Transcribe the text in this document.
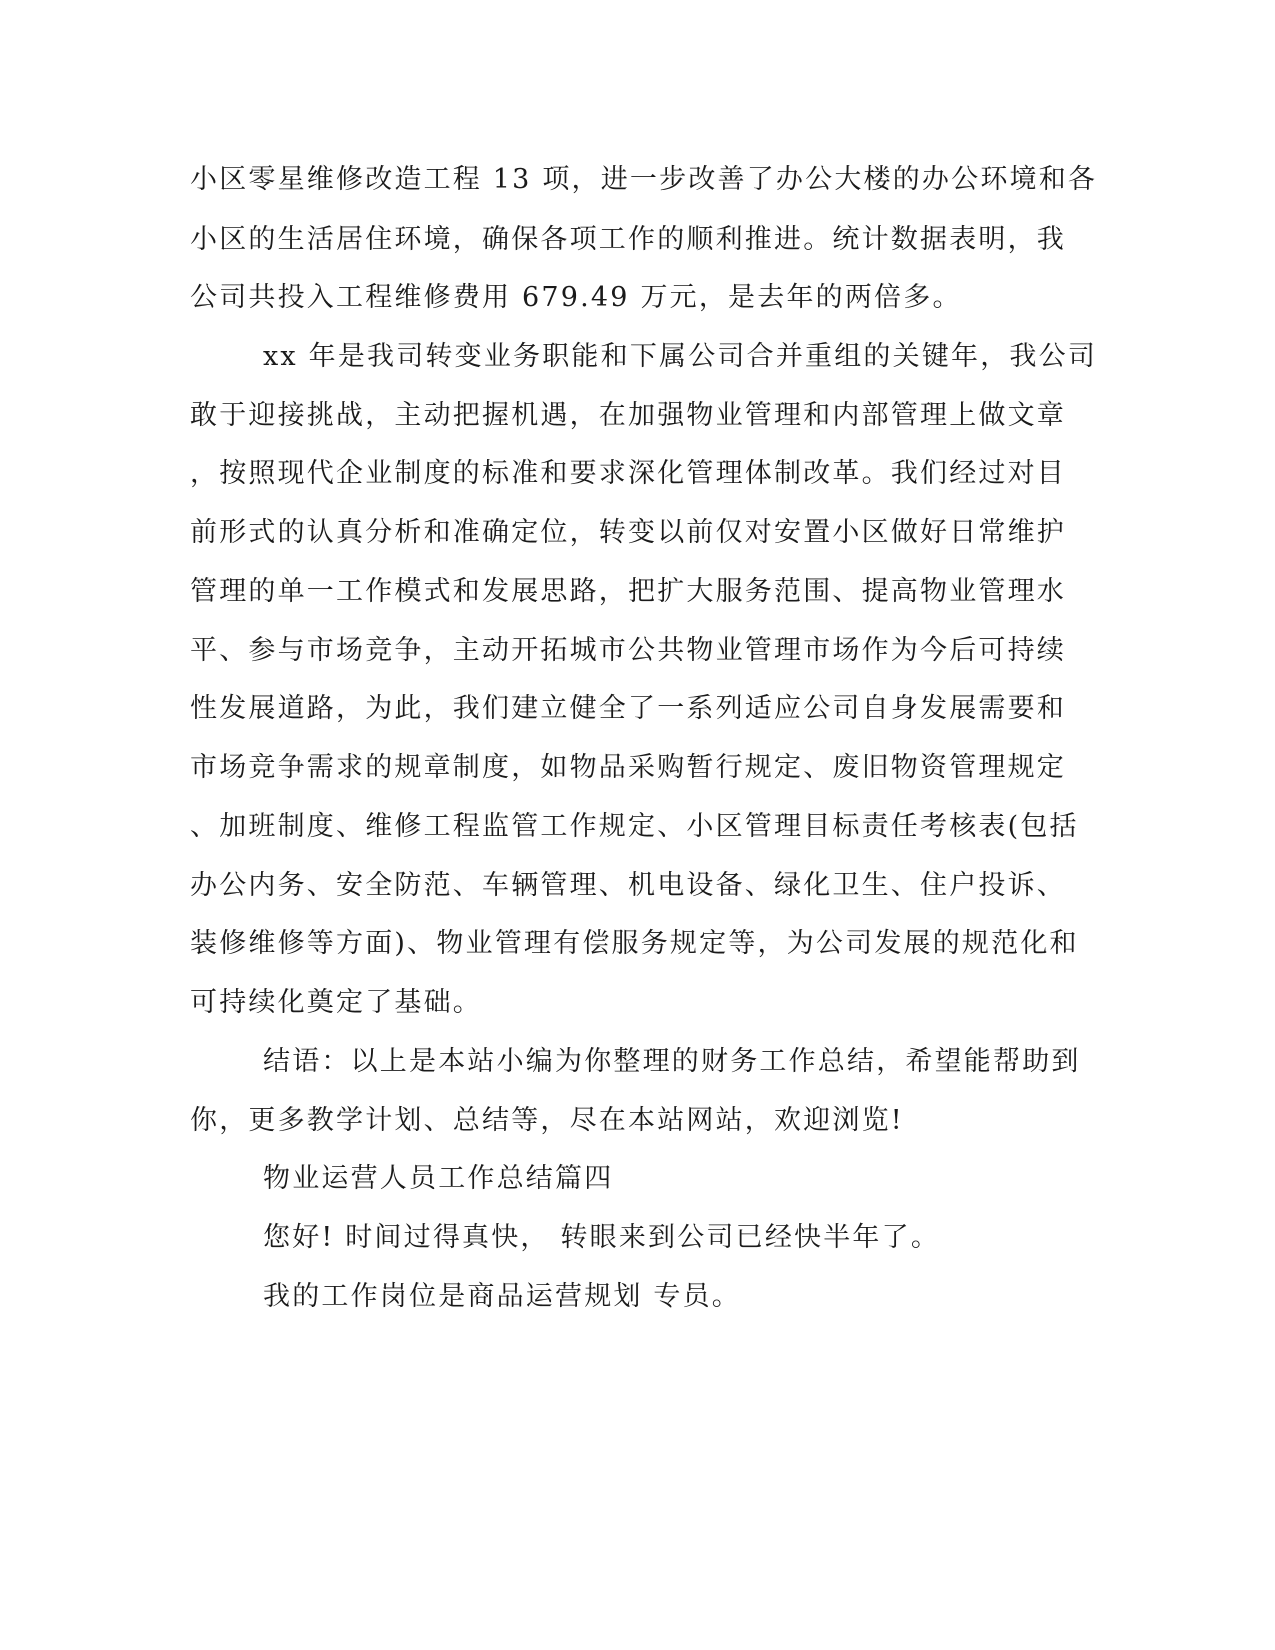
小区零星维修改造工程 13 项，进一步改善了办公大楼的办公环境和各
小区的生活居住环境，确保各项工作的顺利推进。统计数据表明，我
公司共投入工程维修费用 679.49 万元，是去年的两倍多。
xx 年是我司转变业务职能和下属公司合并重组的关键年，我公司
敢于迎接挑战，主动把握机遇，在加强物业管理和内部管理上做文章
，按照现代企业制度的标准和要求深化管理体制改革。我们经过对目
前形式的认真分析和准确定位，转变以前仅对安置小区做好日常维护
管理的单一工作模式和发展思路，把扩大服务范围、提高物业管理水
平、参与市场竞争，主动开拓城市公共物业管理市场作为今后可持续
性发展道路，为此，我们建立健全了一系列适应公司自身发展需要和
市场竞争需求的规章制度，如物品采购暂行规定、废旧物资管理规定
、加班制度、维修工程监管工作规定、小区管理目标责任考核表(包括
办公内务、安全防范、车辆管理、机电设备、绿化卫生、住户投诉、
装修维修等方面)、物业管理有偿服务规定等，为公司发展的规范化和
可持续化奠定了基础。
结语：以上是本站小编为你整理的财务工作总结，希望能帮助到
你，更多教学计划、总结等，尽在本站网站，欢迎浏览!
物业运营人员工作总结篇四
您好! 时间过得真快， 转眼来到公司已经快半年了。
我的工作岗位是商品运营规划 专员。
